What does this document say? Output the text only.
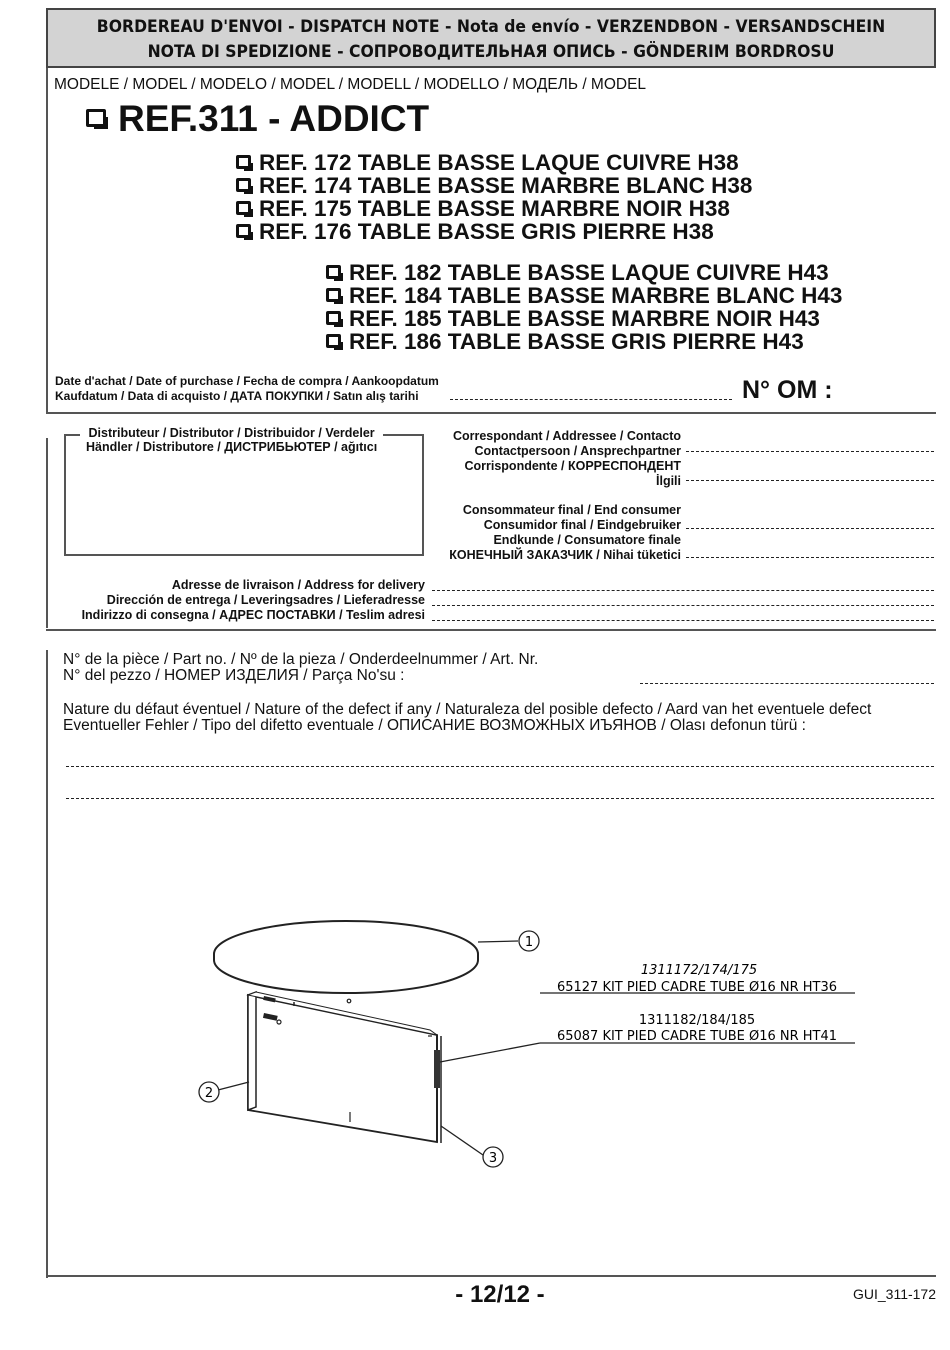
BORDEREAU D'ENVOI - DISPATCH NOTE - Nota de envío - VERZENDBON - VERSANDSCHEIN
NOTA DI SPEDIZIONE - СОПРОВОДИТЕЛЬНАЯ ОПИСЬ - GÖNDERIM BORDROSU
MODELE / MODEL / MODELO / MODEL / MODELL / MODELLO / МОДЕЛЬ / MODEL
REF.311 - ADDICT
REF. 172 TABLE BASSE LAQUE CUIVRE H38
REF. 174 TABLE BASSE MARBRE BLANC H38
REF. 175 TABLE BASSE MARBRE NOIR H38
REF. 176 TABLE BASSE GRIS PIERRE H38
REF. 182 TABLE BASSE LAQUE CUIVRE H43
REF. 184 TABLE BASSE MARBRE BLANC H43
REF. 185 TABLE BASSE MARBRE NOIR H43
REF. 186 TABLE BASSE GRIS PIERRE H43
Date d'achat / Date of purchase / Fecha de compra / Aankoopdatum
Kaufdatum / Data di acquisto / ДАТА ПОКУПКИ / Satın alış tarihi	N° OM :
Distributeur / Distributor / Distribuidor / Verdeler
Händler / Distributore / ДИСТРИБЬЮТЕР / ağıtıcı
Correspondant / Addressee / Contacto
Contactpersoon / Ansprechpartner
Corrispondente / КОРРЕСПОНДЕНТ
İlgili
Consommateur final / End consumer
Consumidor final / Eindgebruiker
Endkunde / Consumatore finale
КОНЕЧНЫЙ ЗАКАЗЧИК / Nihai tüketici
Adresse de livraison / Address for delivery
Dirección de entrega / Leveringsadres / Lieferadresse
Indirizzo di consegna / АДРЕС ПОСТАВКИ / Teslim adresi
N° de la pièce / Part no. / Nº de la pieza / Onderdeelnummer / Art. Nr.
N° del pezzo / НОМЕР ИЗДЕЛИЯ / Parça No'su :
Nature du défaut éventuel / Nature of the defect if any / Naturaleza del posible defecto / Aard van het eventuele defect
Eventueller Fehler / Tipo del difetto eventuale / ОПИСАНИЕ ВОЗМОЖНЫХ ИЪЯНОВ / Olası defonun türü :
1
2
3
1311172/174/175
65127 KIT PIED CADRE TUBE Ø16 NR HT36
1311182/184/185
65087 KIT PIED CADRE TUBE Ø16 NR HT41
- 12/12 -	GUI_311-172
